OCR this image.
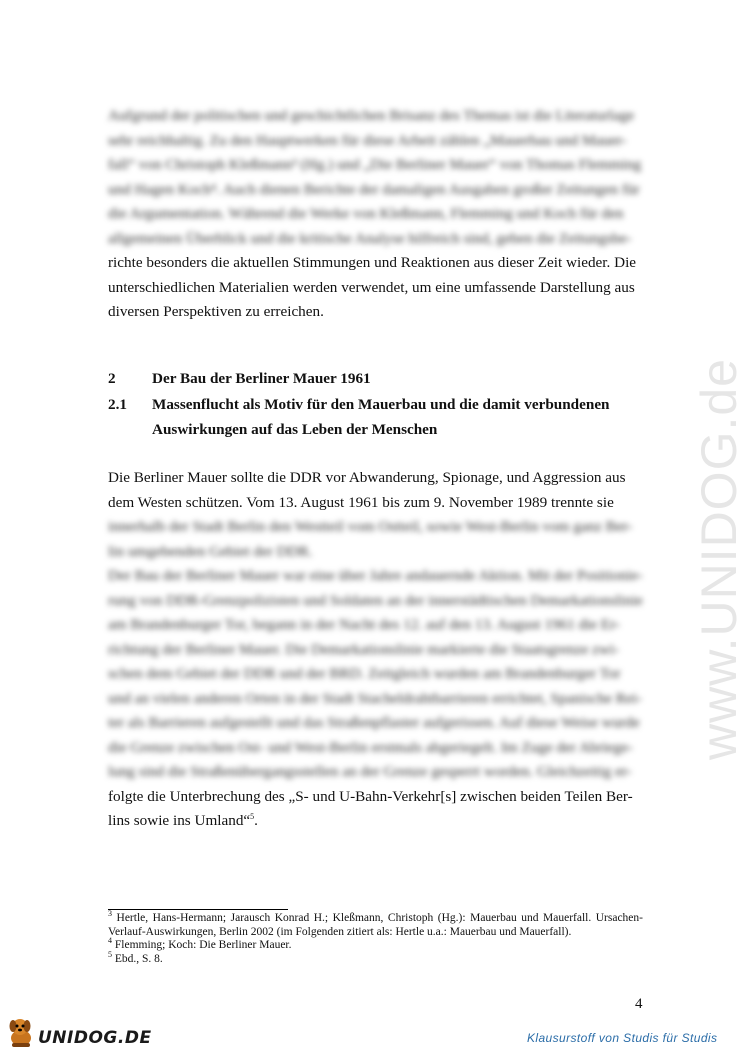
www.UNIDOG.de
Aufgrund der politischen und geschichtlichen Brisanz des Themas ist die Literaturlage
sehr reichhaltig. Zu den Hauptwerken für diese Arbeit zählen „Mauerbau und Mauer-
fall“ von Christoph Kleßmann³ (Hg.) und „Die Berliner Mauer“ von Thomas Flemming
und Hagen Koch⁴. Auch dienen Berichte der damaligen Ausgaben großer Zeitungen für
die Argumentation. Während die Werke von Kleßmann, Flemming und Koch für den
allgemeinen Überblick und die kritische Analyse hilfreich sind, geben die Zeitungsbe-
richte besonders die aktuellen Stimmungen und Reaktionen aus dieser Zeit wieder. Die
unterschiedlichen Materialien werden verwendet, um eine umfassende Darstellung aus
diversen Perspektiven zu erreichen.
2 Der Bau der Berliner Mauer 1961
2.1 Massenflucht als Motiv für den Mauerbau und die damit verbundenen
Auswirkungen auf das Leben der Menschen
Die Berliner Mauer sollte die DDR vor Abwanderung, Spionage, und Aggression aus
dem Westen schützen. Vom 13. August 1961 bis zum 9. November 1989 trennte sie
innerhalb der Stadt Berlin den Westteil vom Ostteil, sowie West-Berlin vom ganz Ber-
lin umgebenden Gebiet der DDR.
Der Bau der Berliner Mauer war eine über Jahre andauernde Aktion. Mit der Positionie-
rung von DDR-Grenzpolizisten und Soldaten an der innerstädtischen Demarkationslinie
am Brandenburger Tor, begann in der Nacht des 12. auf den 13. August 1961 die Er-
richtung der Berliner Mauer. Die Demarkationslinie markierte die Staatsgrenze zwi-
schen dem Gebiet der DDR und der BRD. Zeitgleich wurden am Brandenburger Tor
und an vielen anderen Orten in der Stadt Stacheldrahtbarrieren errichtet, Spanische Rei-
ter als Barrieren aufgestellt und das Straßenpflaster aufgerissen. Auf diese Weise wurde
die Grenze zwischen Ost- und West-Berlin erstmals abgeriegelt. Im Zuge der Abriege-
lung sind die Straßenübergangsstellen an der Grenze gesperrt worden. Gleichzeitig er-
folgte die Unterbrechung des „S- und U-Bahn-Verkehr[s] zwischen beiden Teilen Ber-
lins sowie ins Umland“$^5$.

$^3$ Hertle, Hans-Hermann; Jarausch Konrad H.; Kleßmann, Christoph (Hg.): Mauerbau und Mauerfall. Ursachen-Verlauf-Auswirkungen, Berlin 2002 (im Folgenden zitiert als: Hertle u.a.: Mauerbau und Mauerfall).

$^4$ Flemming; Koch: Die Berliner Mauer.

$^5$ Ebd., S. 8.

4
UNIDOG.DE	Klausurstoff von Studis für Studis
